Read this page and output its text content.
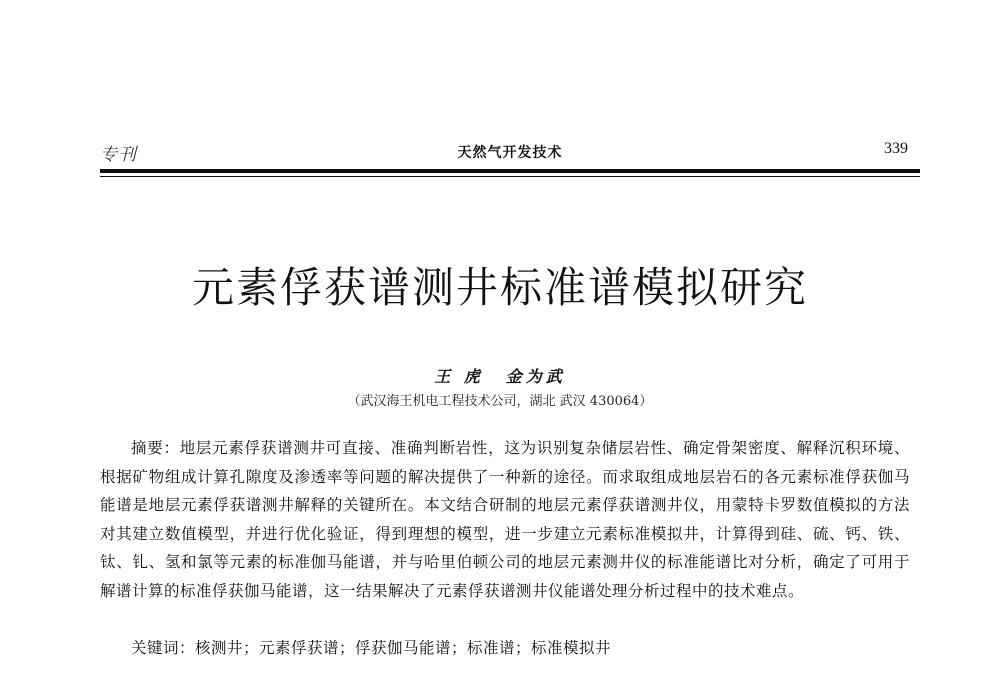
专刊	天然气开发技术	339
元素俘获谱测井标准谱模拟研究
王 虎 金为武
（武汉海王机电工程技术公司，湖北 武汉 430064）
摘要：地层元素俘获谱测井可直接、准确判断岩性，这为识别复杂储层岩性、确定骨架密度、解释沉积环境、根据矿物组成计算孔隙度及渗透率等问题的解决提供了一种新的途径。而求取组成地层岩石的各元素标准俘获伽马能谱是地层元素俘获谱测井解释的关键所在。本文结合研制的地层元素俘获谱测井仪，用蒙特卡罗数值模拟的方法对其建立数值模型，并进行优化验证，得到理想的模型，进一步建立元素标准模拟井，计算得到硅、硫、钙、铁、钛、钆、氢和氯等元素的标准伽马能谱，并与哈里伯顿公司的地层元素测井仪的标准能谱比对分析，确定了可用于解谱计算的标准俘获伽马能谱，这一结果解决了元素俘获谱测井仪能谱处理分析过程中的技术难点。
关键词：核测井；元素俘获谱；俘获伽马能谱；标准谱；标准模拟井
